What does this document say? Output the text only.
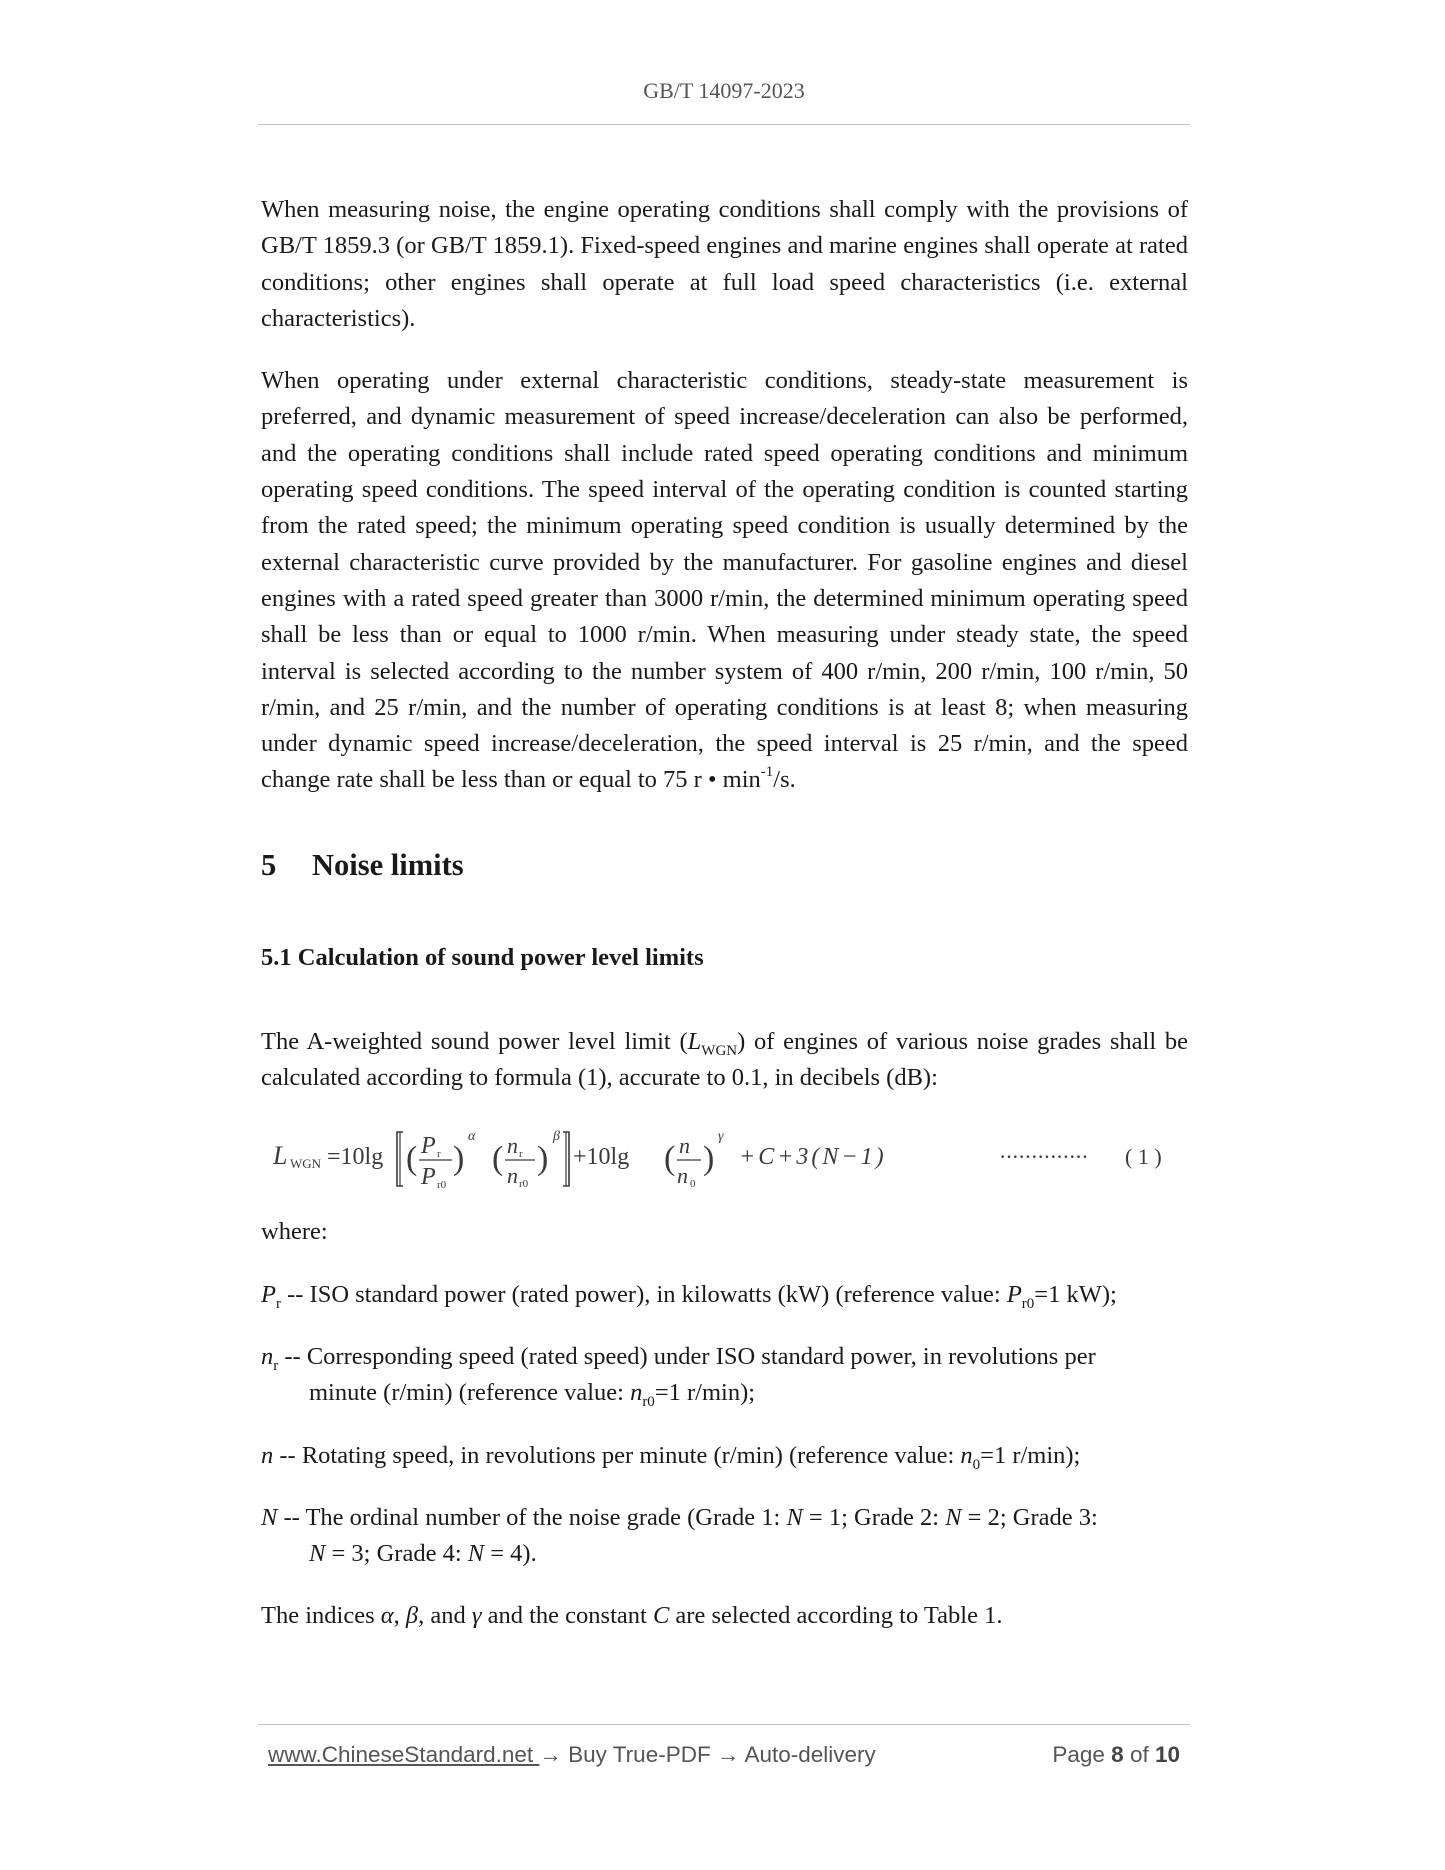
GB/T 14097-2023

When measuring noise, the engine operating conditions shall comply with the provisions of GB/T 1859.3 (or GB/T 1859.1). Fixed-speed engines and marine engines shall operate at rated conditions; other engines shall operate at full load speed characteristics (i.e. external characteristics).

When operating under external characteristic conditions, steady-state measurement is preferred, and dynamic measurement of speed increase/deceleration can also be performed, and the operating conditions shall include rated speed operating conditions and minimum operating speed conditions. The speed interval of the operating condition is counted starting from the rated speed; the minimum operating speed condition is usually determined by the external characteristic curve provided by the manufacturer. For gasoline engines and diesel engines with a rated speed greater than 3000 r/min, the determined minimum operating speed shall be less than or equal to 1000 r/min. When measuring under steady state, the speed interval is selected according to the number system of 400 r/min, 200 r/min, 100 r/min, 50 r/min, and 25 r/min, and the number of operating conditions is at least 8; when measuring under dynamic speed increase/deceleration, the speed interval is 25 r/min, and the speed change rate shall be less than or equal to 75 r • $\min^{-1}/s$.

5 Noise limits
5.1 Calculation of sound power level limits

The A-weighted sound power level limit $(L_{WGN})$ of engines of various noise grades shall be calculated according to formula (1), accurate to 0.1, in decibels (dB):

L WGN =10lg ( P r
P r0
)
α
( n r
n r0
)
β
+10lg ( n
n 0
)
γ
+C+3(N−1)	·············· ( 1 )

where:

$P_r$ -- ISO standard power (rated power), in kilowatts (kW) (reference value: $P_{r0}=1$ kW);

$n_r$ -- Corresponding speed (rated speed) under ISO standard power, in revolutions per
minute (r/min) (reference value: $n_{r0}=1$ r/min);

n -- Rotating speed, in revolutions per minute (r/min) (reference value: $n_0=1$ r/min);

N -- The ordinal number of the noise grade (Grade 1: N = 1; Grade 2: N = 2; Grade 3:
N = 3; Grade 4: N = 4).

The indices α, β, and γ and the constant C are selected according to Table 1.

www.ChineseStandard.net → Buy True-PDF → Auto-delivery	Page 8 of 10
